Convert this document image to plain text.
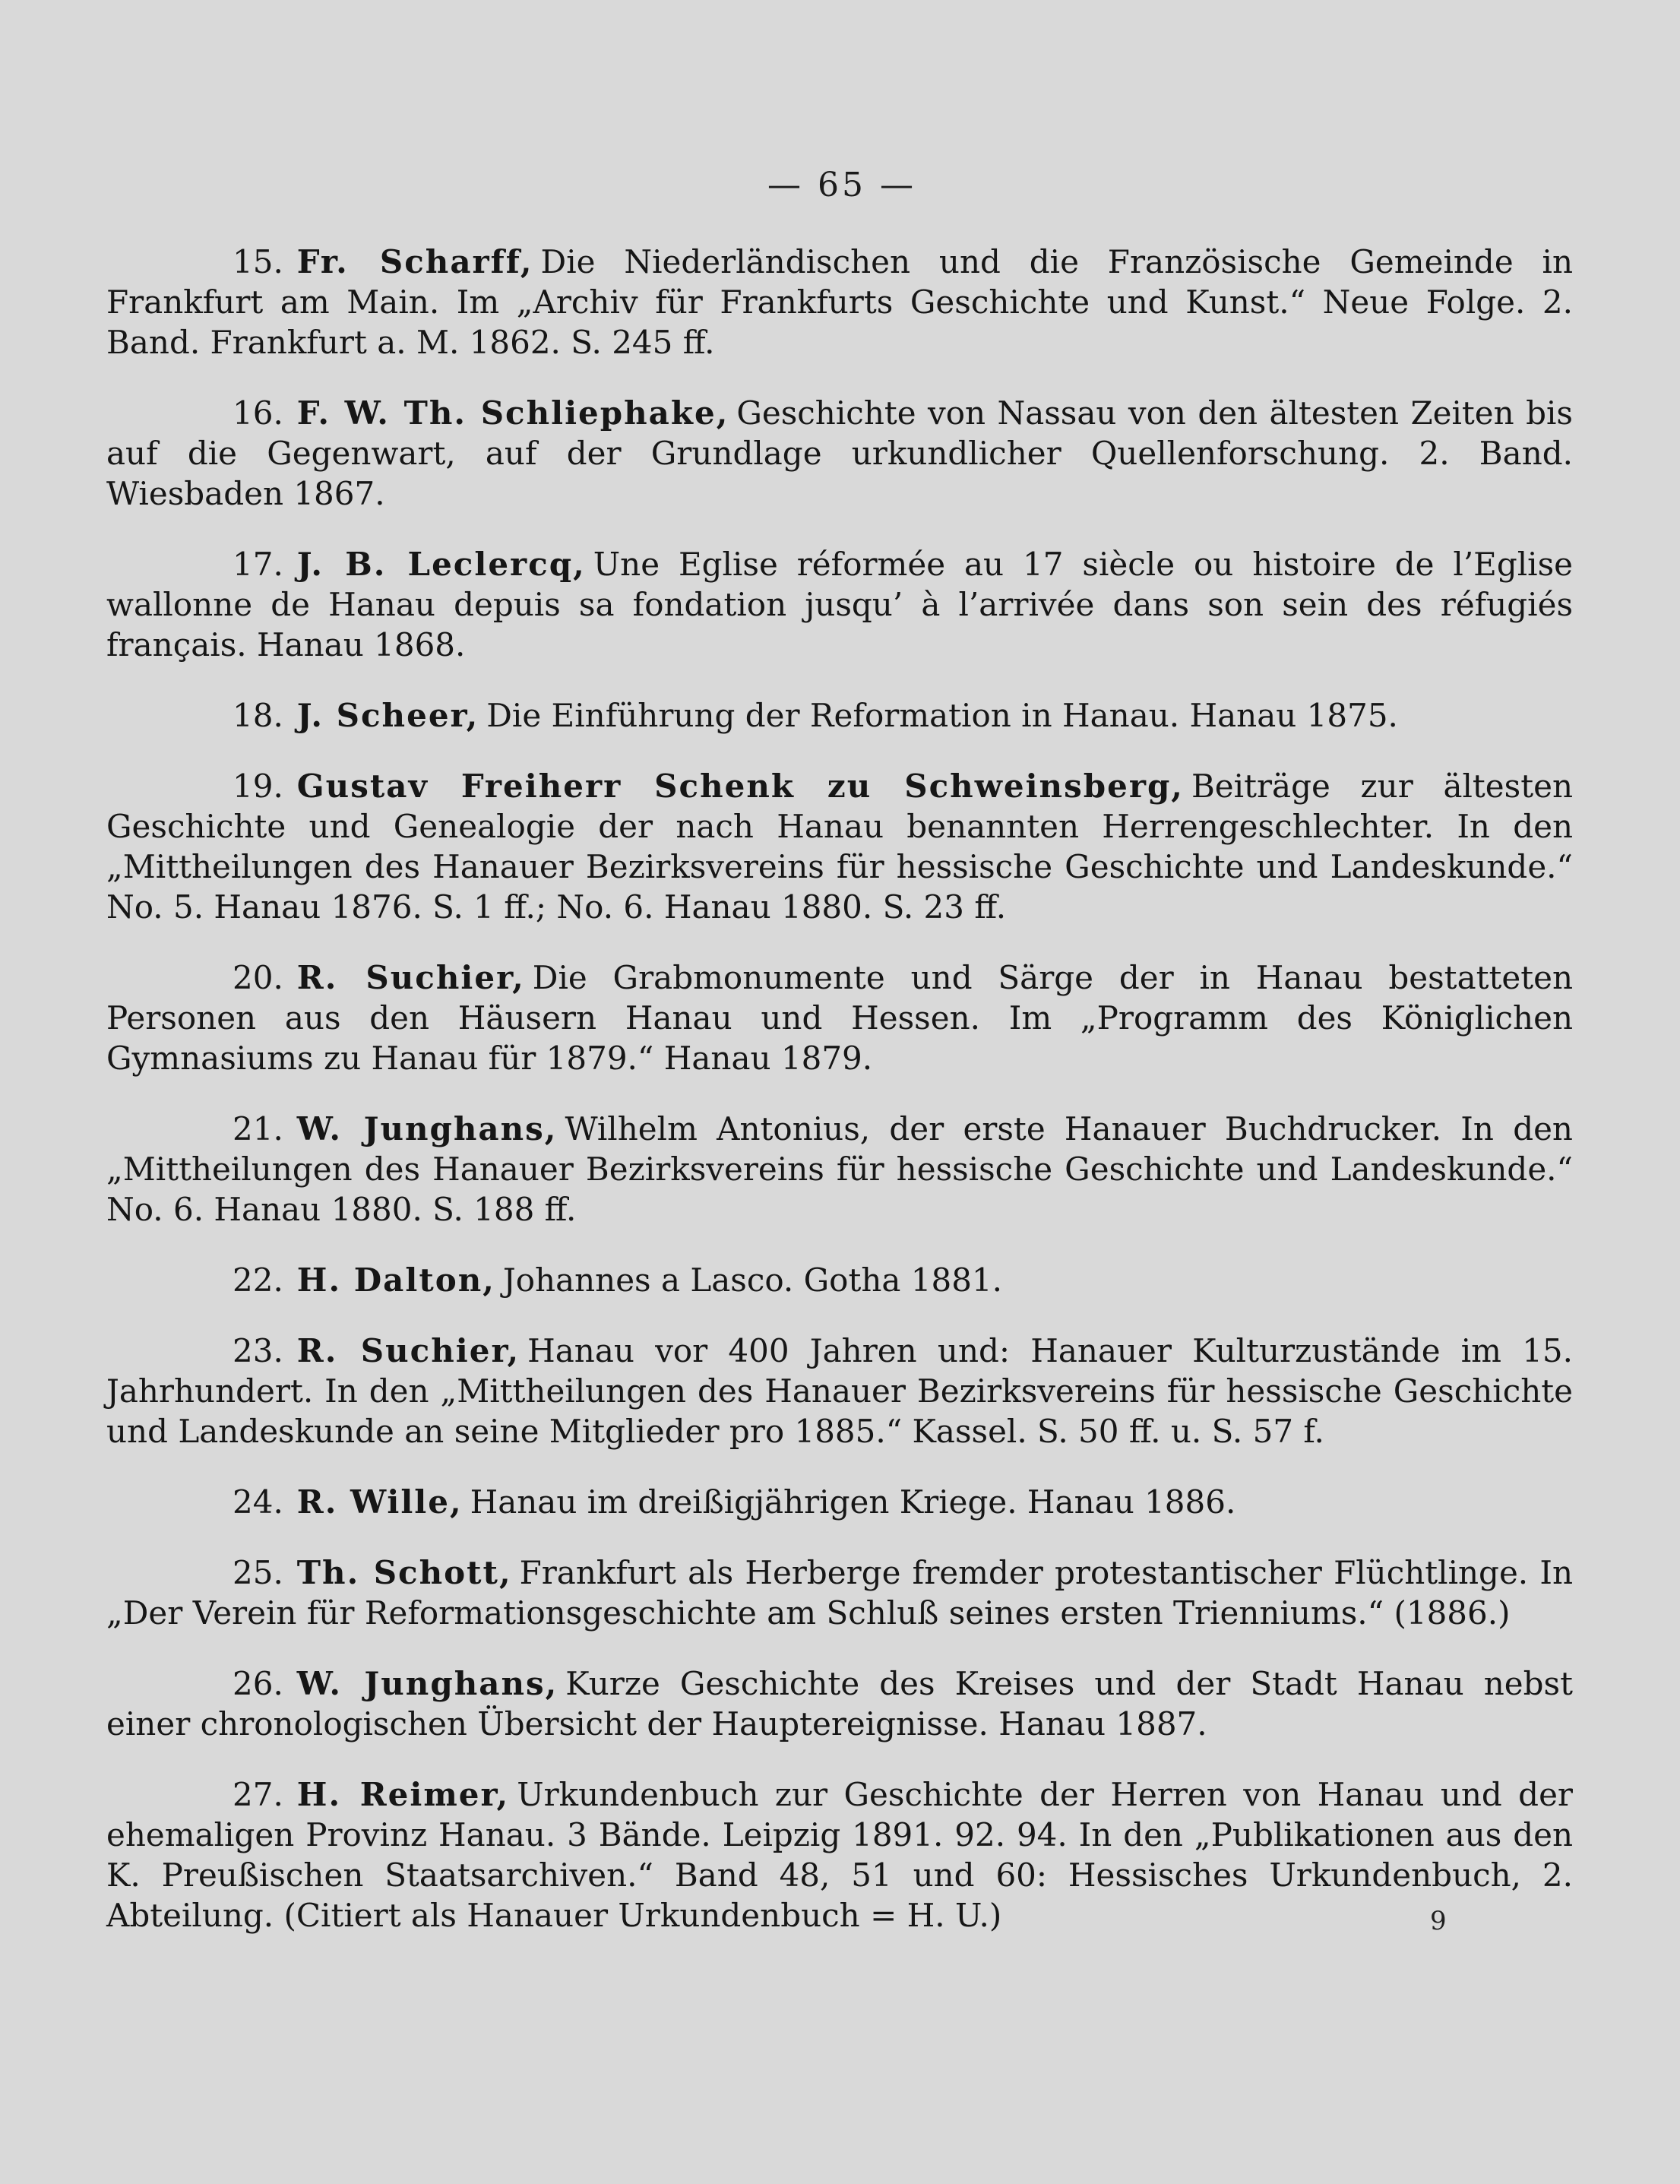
— 65 —
15. Fr. Scharff, Die Niederländischen und die Französische Gemeinde in Frankfurt am Main. Im „Archiv für Frankfurts Geschichte und Kunst.“ Neue Folge. 2. Band. Frankfurt a. M. 1862. S. 245 ff.
16. F. W. Th. Schliephake, Geschichte von Nassau von den ältesten Zeiten bis auf die Gegenwart, auf der Grundlage urkundlicher Quellenforschung. 2. Band. Wiesbaden 1867.
17. J. B. Leclercq, Une Eglise réformée au 17 siècle ou histoire de l’Eglise wallonne de Hanau depuis sa fondation jusqu’ à l’arrivée dans son sein des réfugiés français. Hanau 1868.
18. J. Scheer, Die Einführung der Reformation in Hanau. Hanau 1875.
19. Gustav Freiherr Schenk zu Schweinsberg, Beiträge zur ältesten Geschichte und Genealogie der nach Hanau benannten Herrengeschlechter. In den „Mittheilungen des Hanauer Bezirksvereins für hessische Geschichte und Landeskunde.“ No. 5. Hanau 1876. S. 1 ff.; No. 6. Hanau 1880. S. 23 ff.
20. R. Suchier, Die Grabmonumente und Särge der in Hanau bestatteten Personen aus den Häusern Hanau und Hessen. Im „Programm des Königlichen Gymnasiums zu Hanau für 1879.“ Hanau 1879.
21. W. Junghans, Wilhelm Antonius, der erste Hanauer Buchdrucker. In den „Mittheilungen des Hanauer Bezirksvereins für hessische Geschichte und Landeskunde.“ No. 6. Hanau 1880. S. 188 ff.
22. H. Dalton, Johannes a Lasco. Gotha 1881.
23. R. Suchier, Hanau vor 400 Jahren und: Hanauer Kulturzustände im 15. Jahrhundert. In den „Mittheilungen des Hanauer Bezirksvereins für hessische Geschichte und Landeskunde an seine Mitglieder pro 1885.“ Kassel. S. 50 ff. u. S. 57 f.
24. R. Wille, Hanau im dreißigjährigen Kriege. Hanau 1886.
25. Th. Schott, Frankfurt als Herberge fremder protestantischer Flüchtlinge. In „Der Verein für Reformationsgeschichte am Schluß seines ersten Trienniums.“ (1886.)
26. W. Junghans, Kurze Geschichte des Kreises und der Stadt Hanau nebst einer chronologischen Übersicht der Hauptereignisse. Hanau 1887.
27. H. Reimer, Urkundenbuch zur Geschichte der Herren von Hanau und der ehemaligen Provinz Hanau. 3 Bände. Leipzig 1891. 92. 94. In den „Publikationen aus den K. Preußischen Staatsarchiven.“ Band 48, 51 und 60: Hessisches Urkundenbuch, 2. Abteilung. (Citiert als Hanauer Urkundenbuch = H. U.)	9
